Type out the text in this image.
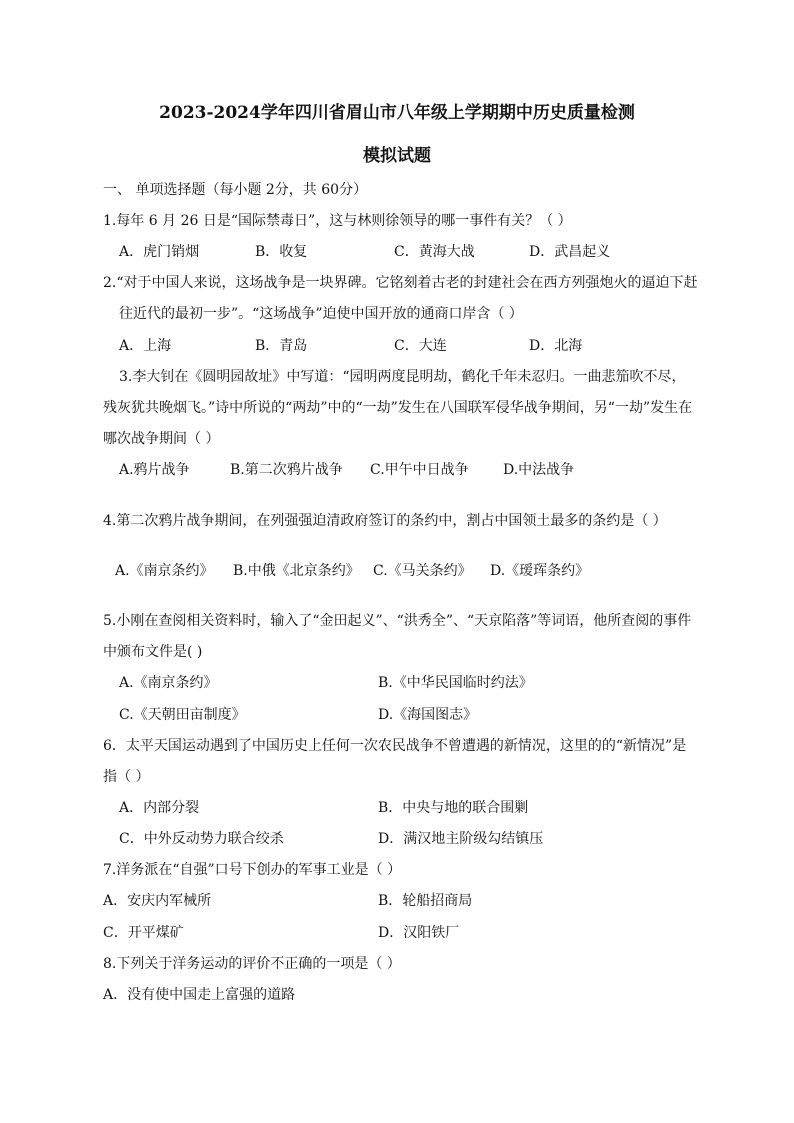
2023-2024学年四川省眉山市八年级上学期期中历史质量检测
模拟试题
一、 单项选择题（每小题 2分，共 60分）
1.每年 6 月 26 日是“国际禁毒日”，这与林则徐领导的哪一事件有关？（ ）
A．虎门销烟	B．收复	C．黄海大战	D．武昌起义
2.“对于中国人来说，这场战争是一块界碑。它铭刻着古老的封建社会在西方列强炮火的逼迫下赶
往近代的最初一步”。“这场战争”迫使中国开放的通商口岸含（ ）
A．上海	B．青岛	C．大连	D．北海
3.李大钊在《圆明园故址》中写道：“园明两度昆明劫，鹤化千年未忍归。一曲悲笳吹不尽，
残灰犹共晚烟飞。”诗中所说的“两劫”中的“一劫”发生在八国联军侵华战争期间，另“一劫”发生在
哪次战争期间（ ）
A.鸦片战争	B.第二次鸦片战争 C.甲午中日战争 D.中法战争
4.第二次鸦片战争期间，在列强强迫清政府签订的条约中，割占中国领土最多的条约是（ ）
A.《南京条约》 B.中俄《北京条约》 C.《马关条约》 D.《瑷珲条约》
5.小刚在查阅相关资料时，输入了“金田起义”、“洪秀全”、“天京陷落”等词语，他所查阅的事件
中颁布文件是( )
A.《南京条约》	B.《中华民国临时约法》
C.《天朝田亩制度》	D.《海国图志》
6．太平天国运动遇到了中国历史上任何一次农民战争不曾遭遇的新情况，这里的的“新情况”是
指（ ）
A．内部分裂	B．中央与地的联合围剿
C．中外反动势力联合绞杀	D．满汉地主阶级勾结镇压
7.洋务派在“自强”口号下创办的军事工业是（ ）
A．安庆内军械所	B．轮船招商局
C．开平煤矿	D．汉阳铁厂
8.下列关于洋务运动的评价不正确的一项是（ ）
A．没有使中国走上富强的道路
